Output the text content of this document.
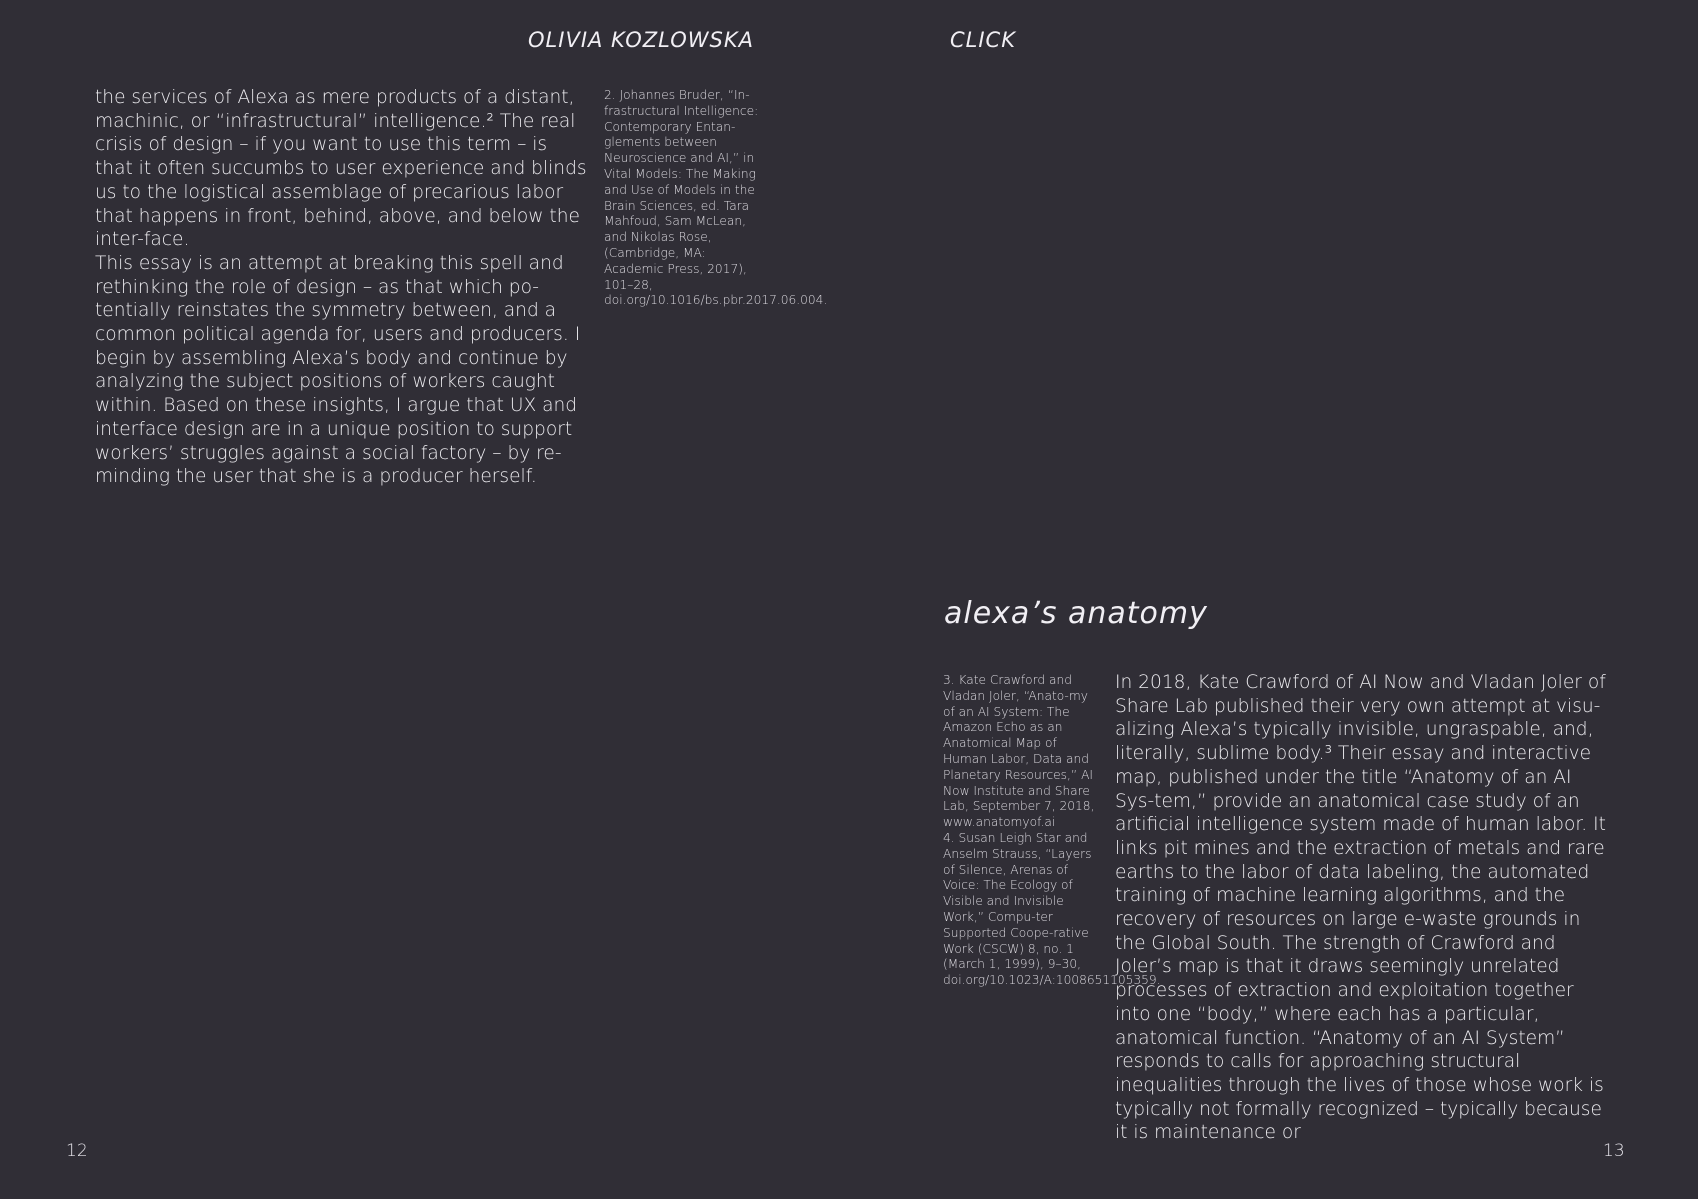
OLIVIA KOZLOWSKA	CLICK

the services of Alexa as mere products of a distant, machinic, or “infrastructural” intelligence.² The real crisis of design – if you want to use this term – is that it often succumbs to user experience and blinds us to the logistical assemblage of precarious labor that happens in front, behind, above, and below the inter-face.

This essay is an attempt at breaking this spell and rethinking the role of design – as that which po-tentially reinstates the symmetry between, and a common political agenda for, users and producers. I begin by assembling Alexa’s body and continue by analyzing the subject positions of workers caught within. Based on these insights, I argue that UX and interface design are in a unique position to support workers’ struggles against a social factory – by re-minding the user that she is a producer herself.

2. Johannes Bruder, “In-frastructural Intelligence: Contemporary Entan-glements between Neuroscience and AI,” in Vital Models: The Making and Use of Models in the Brain Sciences, ed. Tara Mahfoud, Sam McLean, and Nikolas Rose, (Cambridge, MA: Academic Press, 2017), 101–28, doi.org/10.1016/bs.pbr.2017.06.004.

alexa’s anatomy

3. Kate Crawford and Vladan Joler, “Anato-my of an AI System: The Amazon Echo as an Anatomical Map of Human Labor, Data and Planetary Resources,” AI Now Institute and Share Lab, September 7, 2018, www.anatomyof.ai

4. Susan Leigh Star and Anselm Strauss, “Layers of Silence, Arenas of Voice: The Ecology of Visible and Invisible Work,” Compu-ter Supported Coope-rative Work (CSCW) 8, no. 1 (March 1, 1999), 9–30, doi.org/10.1023/A:1008651105359.

In 2018, Kate Crawford of AI Now and Vladan Joler of Share Lab published their very own attempt at visu-alizing Alexa’s typically invisible, ungraspable, and, literally, sublime body.³ Their essay and interactive map, published under the title “Anatomy of an AI Sys-tem,” provide an anatomical case study of an artificial intelligence system made of human labor. It links pit mines and the extraction of metals and rare earths to the labor of data labeling, the automated training of machine learning algorithms, and the recovery of resources on large e-waste grounds in the Global South. The strength of Crawford and Joler’s map is that it draws seemingly unrelated processes of extraction and exploitation together into one “body,” where each has a particular, anatomical function. “Anatomy of an AI System” responds to calls for approaching structural inequalities through the lives of those whose work is typically not formally recognized – typically because it is maintenance or

12	13
